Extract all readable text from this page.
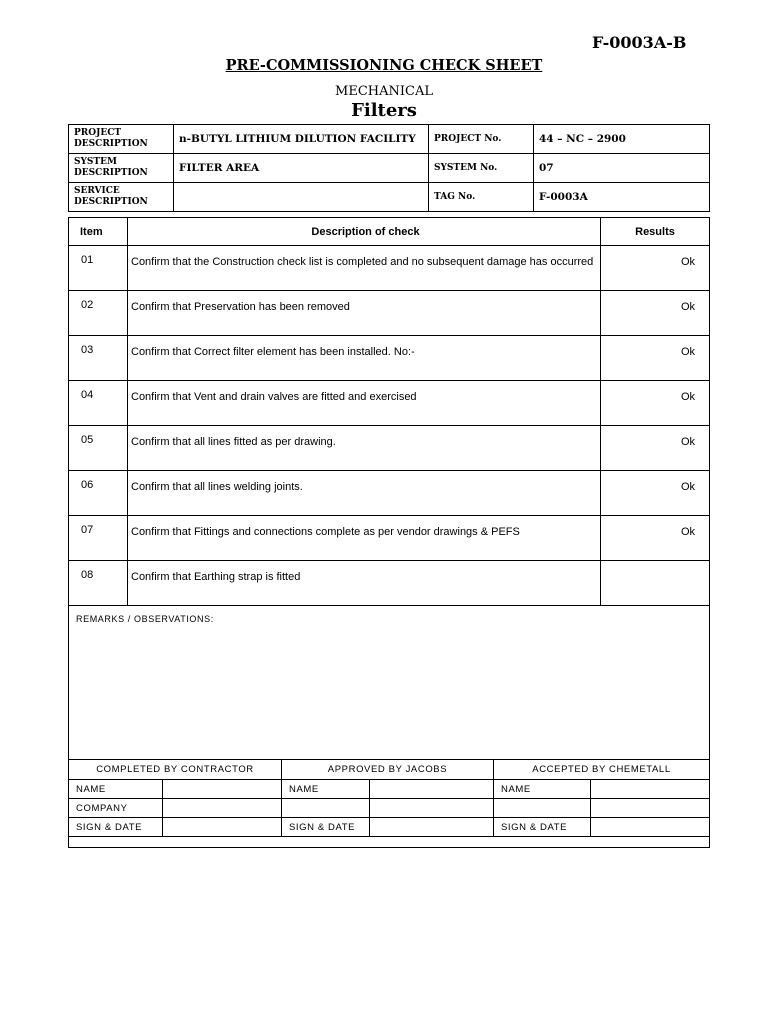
F-0003A-B
PRE-COMMISSIONING CHECK SHEET
MECHANICAL
Filters
PROJECT DESCRIPTION	n-BUTYL LITHIUM DILUTION FACILITY	PROJECT No.	44 – NC – 2900
SYSTEM DESCRIPTION	FILTER AREA	SYSTEM No.	07
SERVICE DESCRIPTION		TAG No.	F-0003A
Item	Description of check	Results
01	Confirm that the Construction check list is completed and no subsequent damage has occurred	Ok
02	Confirm that Preservation has been removed	Ok
03	Confirm that Correct filter element has been installed. No:-	Ok
04	Confirm that Vent and drain valves are fitted and exercised	Ok
05	Confirm that all lines fitted as per drawing.	Ok
06	Confirm that all lines welding joints.	Ok
07	Confirm that Fittings and connections complete as per vendor drawings & PEFS	Ok
08	Confirm that Earthing strap is fitted	
REMARKS / OBSERVATIONS:		
COMPLETED BY CONTRACTOR		APPROVED BY JACOBS		ACCEPTED BY CHEMETALL	
NAME		NAME		NAME	
COMPANY					
SIGN & DATE		SIGN & DATE		SIGN & DATE	
